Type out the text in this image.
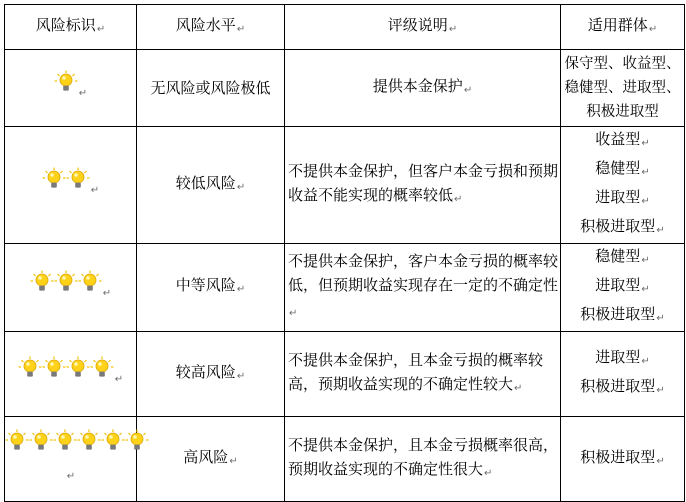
风险标识↵	风险水平↵	评级说明↵	适用群体↵

↵	无风险或风险极低	提供本金保护↵	保守型、收益型、
稳健型、进取型、
积极进取型

↵	较低风险↵	不提供本金保护，但客户本金亏损和预期收益不能实现的概率较低↵	收益型↵
稳健型↵
进取型↵
积极进取型↵

↵	中等风险↵	不提供本金保护，客户本金亏损的概率较低，但预期收益实现存在一定的不确定性↵	稳健型↵
进取型↵
积极进取型↵

↵	较高风险↵	不提供本金保护，且本金亏损的概率较高，预期收益实现的不确定性较大↵	进取型↵
积极进取型↵

↵	高风险↵	不提供本金保护，且本金亏损概率很高，预期收益实现的不确定性很大↵	积极进取型↵
